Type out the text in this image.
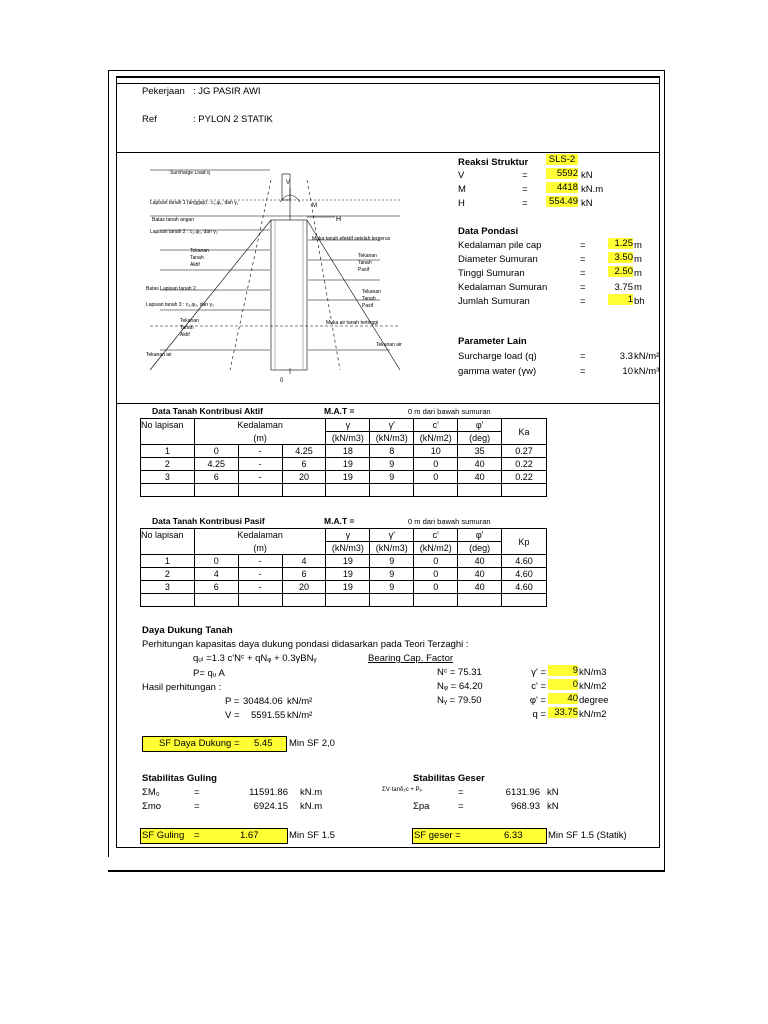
Pekerjaan : JG PASIR AWI
Ref	: PYLON 2 STATIK
Surcharge Load q
Lapisan tanah 1 (anggap) : c₁,φ₁, dan γ₁
Batas tanah angan
Lapisan tanah 2 : c₂,φ₂, dan γ₂
Tekanan
Tanah
Aktif
Muka tanah efektif setelah tergerus
Tekanan
Tanah
Pasif
Batas Lapisan tanah 2
Lapisan tanah 3 : c₃,φ₃, dan γ₃
Tekanan
Tanah
Pasif
Muka air tanah tertinggi
Tekanan
Tanah
Aktif
Tekanan air
Tekanan air
H
V
M
0
Reaksi Struktur SLS-2
V	=	5592 kN
M	=	4418 kN.m
H	=	554.49 kN
Data Pondasi
Kedalaman pile cap	=	1.25 m
Diameter Sumuran	=	3.50 m
Tinggi Sumuran	=	2.50 m
Kedalaman Sumuran	=	3.75 m
Jumlah Sumuran	=	1 bh
Parameter Lain
Surcharge load (q)	=	3.3 kN/m²
gamma water (γw)	=	10 kN/m³
Data Tanah Kontribusi Aktif	M.A.T =	0 m dari bawah sumuran
No lapisan	Kedalaman			γ	γ'	c'	φ'	Ka
	(m)			(kN/m3)	(kN/m3)	(kN/m2)	(deg)	
1	0	-	4.25	18	8	10	35	0.27
2	4.25	-	6	19	9	0	40	0.22
3	6	-	20	19	9	0	40	0.22

Data Tanah Kontribusi Pasif	M.A.T =	0 m dari bawah sumuran
No lapisan	Kedalaman			γ	γ'	c'	φ'	Kp
	(m)			(kN/m3)	(kN/m3)	(kN/m2)	(deg)	
1	0	-	4	19	9	0	40	4.60
2	4	-	6	19	9	0	40	4.60
3	6	-	20	19	9	0	40	4.60

Daya Dukung Tanah
Perhitungan kapasitas daya dukung pondasi didasarkan pada Teori Terzaghi :
qᵤₗ =1.3 c'Nᶜ + qNᵩ + 0.3γBNᵧ	Bearing Cap. Factor
P= qᵤ A	Nᶜ = 75.31
Nᵩ = 64.20
Nᵧ = 79.50
Hasil perhitungan :
P = 30484.06 kN/m²
V = 5591.55 kN/m²
γ' =	9 kN/m3
c' =	0 kN/m2
φ' =	40 degree
q = 33.75 kN/m2
SF Daya Dukung = 5.45 Min SF 2,0
Stabilitas Guling
ΣM₀	=	11591.86 kN.m
Σmo	=	6924.15 kN.m
SF Guling =	1.67	Min SF 1.5
Stabilitas Geser
ΣV·tanδ₂c + Pₚ	=	6131.96 kN
Σpa	=	968.93 kN
SF geser =	6.33	Min SF 1.5 (Statik)
